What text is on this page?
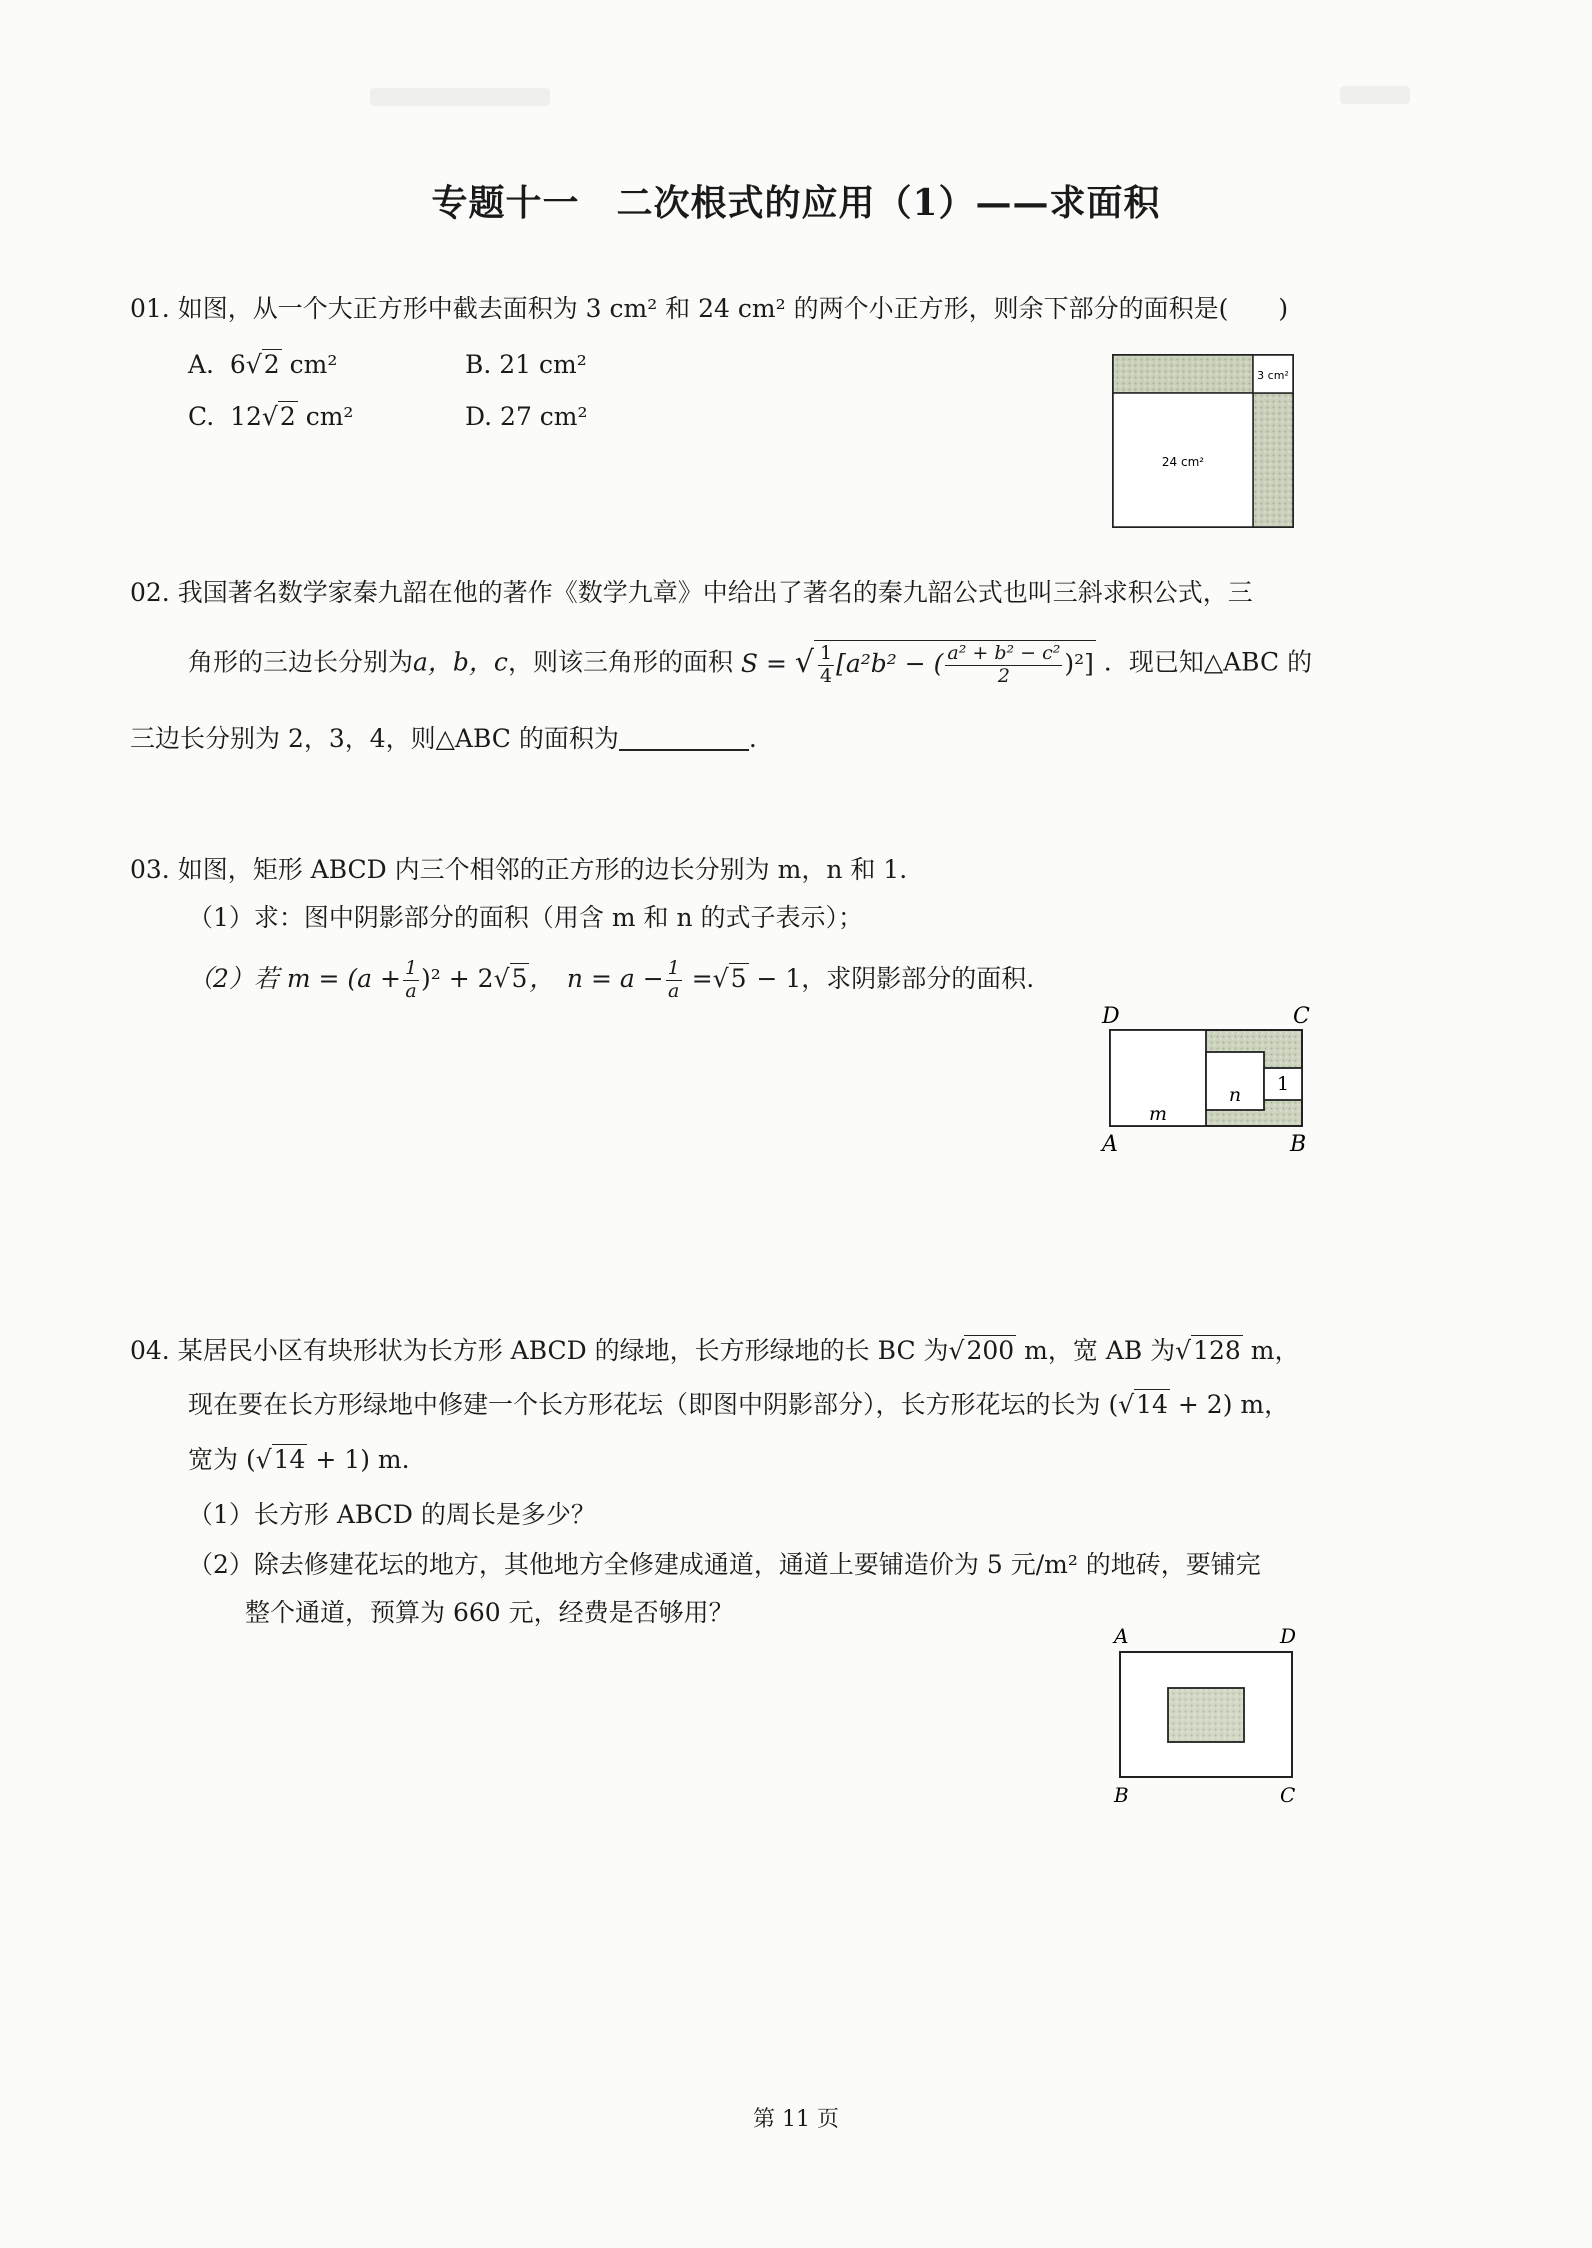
专题十一　二次根式的应用（1）——求面积
01. 如图，从一个大正方形中截去面积为 3 cm² 和 24 cm² 的两个小正方形，则余下部分的面积是(　　)
A. 6√2 cm²	B. 21 cm²
C. 12√2 cm²	D. 27 cm²
3 cm²
24 cm²
02. 我国著名数学家秦九韶在他的著作《数学九章》中给出了著名的秦九韶公式也叫三斜求积公式，三
角形的三边长分别为a，b，c，则该三角形的面积 S = √ $\frac{1}{4} [a^2b^2$ − ( $\frac{\text{a² + b² − c²}}{2} )^2$] ．现已知△ABC 的
三边长分别为 2，3，4，则△ABC 的面积为	.
03. 如图，矩形 ABCD 内三个相邻的正方形的边长分别为 m，n 和 1.
（1）求：图中阴影部分的面积（用含 m 和 n 的式子表示）；
（2）若 $m = (a + \frac{1}{a} )^2 + 2√5$，　$n = a - \frac{1}{a} =√5 - 1$，求阴影部分的面积.
D	C
A	B
m
n 1
04. 某居民小区有块形状为长方形 ABCD 的绿地，长方形绿地的长 BC 为√200 m，宽 AB 为√128 m，
现在要在长方形绿地中修建一个长方形花坛（即图中阴影部分），长方形花坛的长为 (√14 + 2) m，
宽为 (√14 + 1) m.
（1）长方形 ABCD 的周长是多少？
（2）除去修建花坛的地方，其他地方全修建成通道，通道上要铺造价为 5 元/m² 的地砖，要铺完
整个通道，预算为 660 元，经费是否够用？
A	D
B	C
第 11 页
